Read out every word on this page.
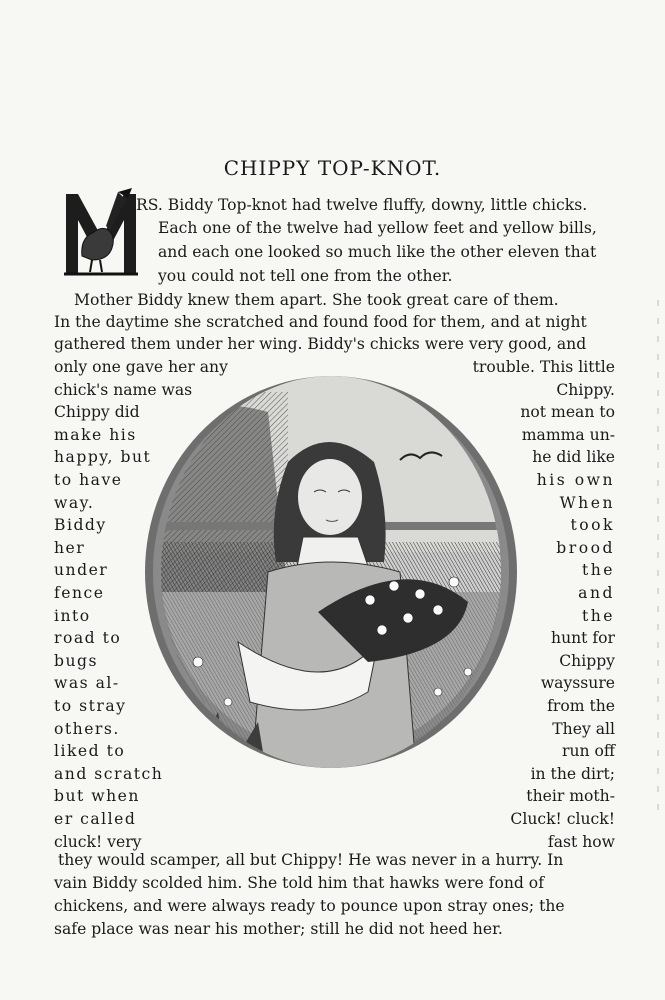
CHIPPY TOP-KNOT.
RS. Biddy Top-knot had twelve fluffy, downy, little chicks.
Each one of the twelve had yellow feet and yellow bills,
and each one looked so much like the other eleven that
you could not tell one from the other.
Mother Biddy knew them apart. She took great care of them.
In the daytime she scratched and found food for them, and at night
gathered them under her wing. Biddy's chicks were very good, and
only one gave her any	trouble. This little
chick's name was	Chippy.
Chippy did	not mean to
make his	mamma un-
happy, but	he did like
to have	his own
way.	When
Biddy	took
her	brood
under	the
fence	and
into	the
road to	hunt for
bugs	Chippy
was al-	wayssure
to stray	from the
others.	They all
liked to	run off
and scratch	in the dirt;
but when	their moth-
er called	Cluck! cluck!
cluck! very	fast how
they would scamper, all but Chippy! He was never in a hurry. In
vain Biddy scolded him. She told him that hawks were fond of
chickens, and were always ready to pounce upon stray ones; the
safe place was near his mother; still he did not heed her.
